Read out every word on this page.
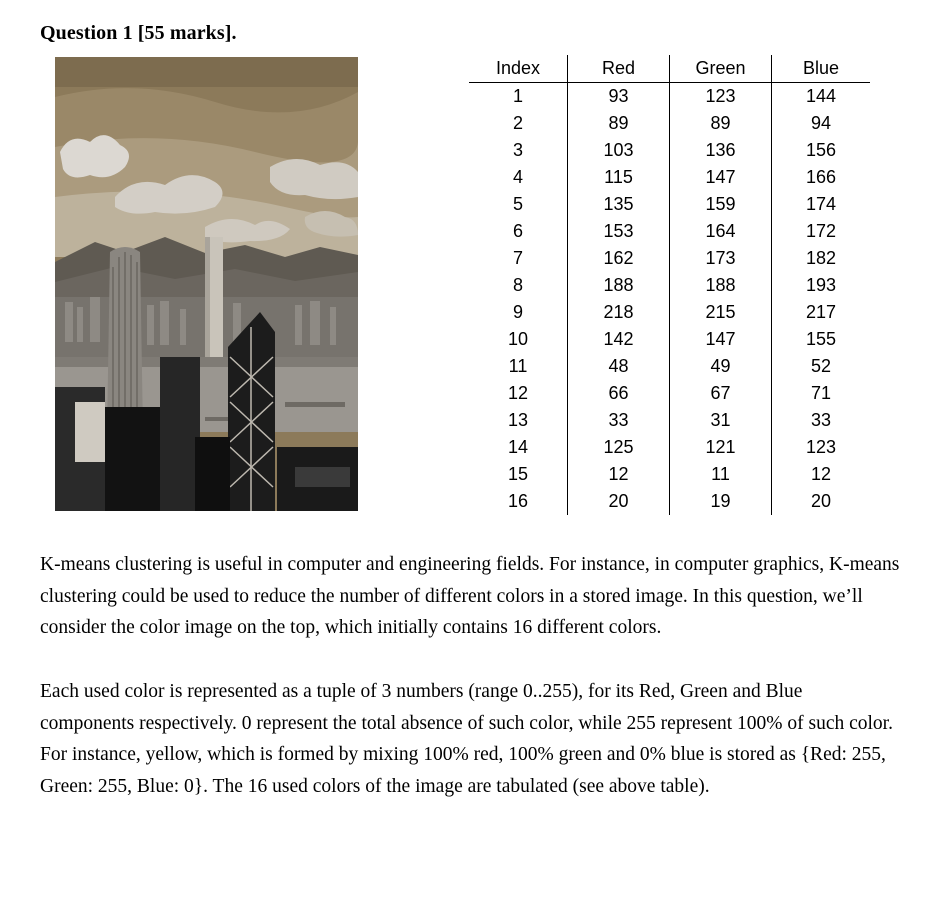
Question 1 [55 marks].
Index	Red	Green	Blue
1	93	123	144
2	89	89	94
3	103	136	156
4	115	147	166
5	135	159	174
6	153	164	172
7	162	173	182
8	188	188	193
9	218	215	217
10	142	147	155
11	48	49	52
12	66	67	71
13	33	31	33
14	125	121	123
15	12	11	12
16	20	19	20

K-means clustering is useful in computer and engineering fields. For instance, in computer graphics, K-means clustering could be used to reduce the number of different colors in a stored image. In this question, we’ll consider the color image on the top, which initially contains 16 different colors.

Each used color is represented as a tuple of 3 numbers (range 0..255), for its Red, Green and Blue components respectively. 0 represent the total absence of such color, while 255 represent 100% of such color. For instance, yellow, which is formed by mixing 100% red, 100% green and 0% blue is stored as {Red: 255, Green: 255, Blue: 0}. The 16 used colors of the image are tabulated (see above table).
